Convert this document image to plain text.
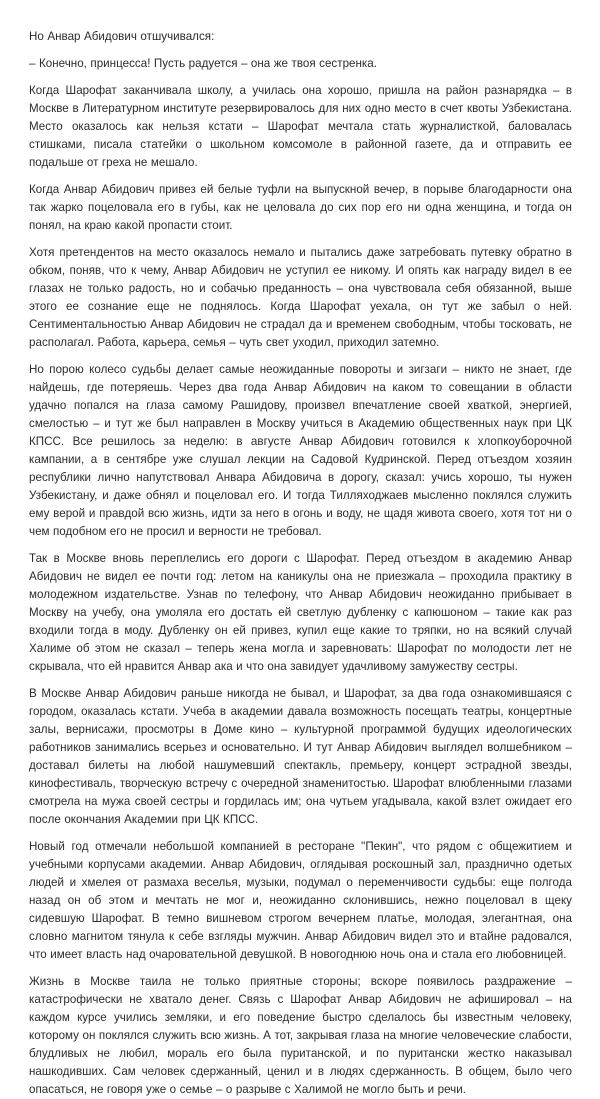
Но Анвар Абидович отшучивался:

– Конечно, принцесса! Пусть радуется – она же твоя сестренка.

Когда Шарофат заканчивала школу, а училась она хорошо, пришла на район разнарядка – в Москве в Литературном институте резервировалось для них одно место в счет квоты Узбекистана. Место оказалось как нельзя кстати – Шарофат мечтала стать журналисткой, баловалась стишками, писала статейки о школьном комсомоле в районной газете, да и отправить ее подальше от греха не мешало.

Когда Анвар Абидович привез ей белые туфли на выпускной вечер, в порыве благодарности она так жарко поцеловала его в губы, как не целовала до сих пор его ни одна женщина, и тогда он понял, на краю какой пропасти стоит.

Хотя претендентов на место оказалось немало и пытались даже затребовать путевку обратно в обком, поняв, что к чему, Анвар Абидович не уступил ее никому. И опять как награду видел в ее глазах не только радость, но и собачью преданность – она чувствовала себя обязанной, выше этого ее сознание еще не поднялось. Когда Шарофат уехала, он тут же забыл о ней. Сентиментальностью Анвар Абидович не страдал да и временем свободным, чтобы тосковать, не располагал. Работа, карьера, семья – чуть свет уходил, приходил затемно.

Но порою колесо судьбы делает самые неожиданные повороты и зигзаги – никто не знает, где найдешь, где потеряешь. Через два года Анвар Абидович на каком то совещании в области удачно попался на глаза самому Рашидову, произвел впечатление своей хваткой, энергией, смелостью – и тут же был направлен в Москву учиться в Академию общественных наук при ЦК КПСС. Все решилось за неделю: в августе Анвар Абидович готовился к хлопкоуборочной кампании, а в сентябре уже слушал лекции на Садовой Кудринской. Перед отъездом хозяин республики лично напутствовал Анвара Абидовича в дорогу, сказал: учись хорошо, ты нужен Узбекистану, и даже обнял и поцеловал его. И тогда Тилляходжаев мысленно поклялся служить ему верой и правдой всю жизнь, идти за него в огонь и воду, не щадя живота своего, хотя тот ни о чем подобном его не просил и верности не требовал.

Так в Москве вновь переплелись его дороги с Шарофат. Перед отъездом в академию Анвар Абидович не видел ее почти год: летом на каникулы она не приезжала – проходила практику в молодежном издательстве. Узнав по телефону, что Анвар Абидович неожиданно прибывает в Москву на учебу, она умоляла его достать ей светлую дубленку с капюшоном – такие как раз входили тогда в моду. Дубленку он ей привез, купил еще какие то тряпки, но на всякий случай Халиме об этом не сказал – теперь жена могла и заревновать: Шарофат по молодости лет не скрывала, что ей нравится Анвар ака и что она завидует удачливому замужеству сестры.

В Москве Анвар Абидович раньше никогда не бывал, и Шарофат, за два года ознакомившаяся с городом, оказалась кстати. Учеба в академии давала возможность посещать театры, концертные залы, вернисажи, просмотры в Доме кино – культурной программой будущих идеологических работников занимались всерьез и основательно. И тут Анвар Абидович выглядел волшебником – доставал билеты на любой нашумевший спектакль, премьеру, концерт эстрадной звезды, кинофестиваль, творческую встречу с очередной знаменитостью. Шарофат влюбленными глазами смотрела на мужа своей сестры и гордилась им; она чутьем угадывала, какой взлет ожидает его после окончания Академии при ЦК КПСС.

Новый год отмечали небольшой компанией в ресторане "Пекин", что рядом с общежитием и учебными корпусами академии. Анвар Абидович, оглядывая роскошный зал, празднично одетых людей и хмелея от размаха веселья, музыки, подумал о переменчивости судьбы: еще полгода назад он об этом и мечтать не мог и, неожиданно склонившись, нежно поцеловал в щеку сидевшую Шарофат. В темно вишневом строгом вечернем платье, молодая, элегантная, она словно магнитом тянула к себе взгляды мужчин. Анвар Абидович видел это и втайне радовался, что имеет власть над очаровательной девушкой. В новогоднюю ночь она и стала его любовницей.

Жизнь в Москве таила не только приятные стороны; вскоре появилось раздражение – катастрофически не хватало денег. Связь с Шарофат Анвар Абидович не афишировал – на каждом курсе учились земляки, и его поведение быстро сделалось бы известным человеку, которому он поклялся служить всю жизнь. А тот, закрывая глаза на многие человеческие слабости, блудливых не любил, мораль его была пуританской, и по пуритански жестко наказывал нашкодивших. Сам человек сдержанный, ценил и в людях сдержанность. В общем, было чего опасаться, не говоря уже о семье – о разрыве с Халимой не могло быть и речи.
